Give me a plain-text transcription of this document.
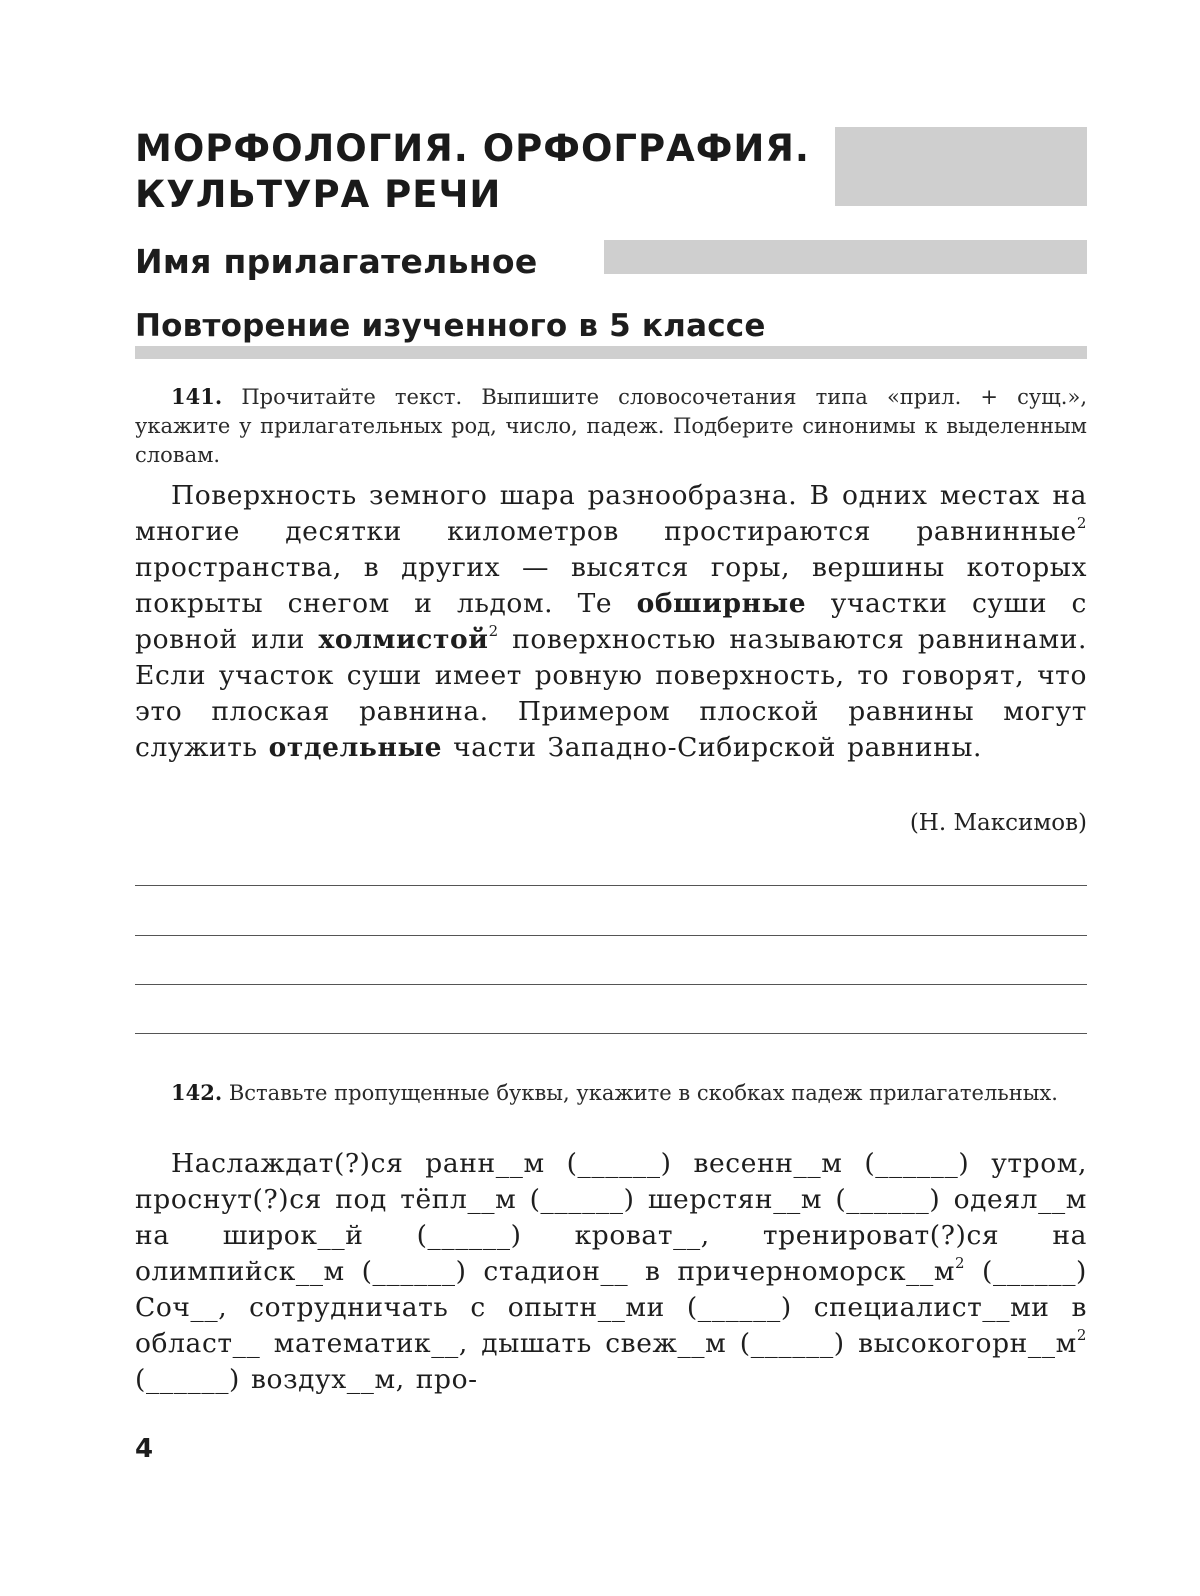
МОРФОЛОГИЯ. ОРФОГРАФИЯ.
КУЛЬТУРА РЕЧИ
Имя прилагательное
Повторение изученного в 5 классе
141. Прочитайте текст. Выпишите словосочетания типа «прил. + сущ.», укажите у прилагательных род, число, падеж. Подберите синонимы к выделенным словам.
Поверхность земного шара разнообразна. В одних местах на многие десятки километров простираются равнинные$^2$ пространства, в других — высятся горы, вершины которых покрыты снегом и льдом. Те обширные участки суши с ровной или холмистой$^2$ поверхностью называются равнинами. Если участок суши имеет ровную поверхность, то говорят, что это плоская равнина. Примером плоской равнины могут служить отдельные части Западно-Сибирской равнины.
(Н. Максимов)
142. Вставьте пропущенные буквы, укажите в скобках падеж прилагательных.
Наслаждат(?)ся ранн__м (______) весенн__м (______) утром, проснут(?)ся под тёпл__м (______) шерстян__м (______) одеял__м на широк__й (______) кроват__, тренироват(?)ся на олимпийск__м (______) стадион__ в $причерноморск\_\_м^2$ (______) Соч__, сотрудничать с опытн__ми (______) специалист__ми в област__ математик__, дышать свеж__м (______) $высокогорн\_\_м^2$ (______) воздух__м, про-
4
